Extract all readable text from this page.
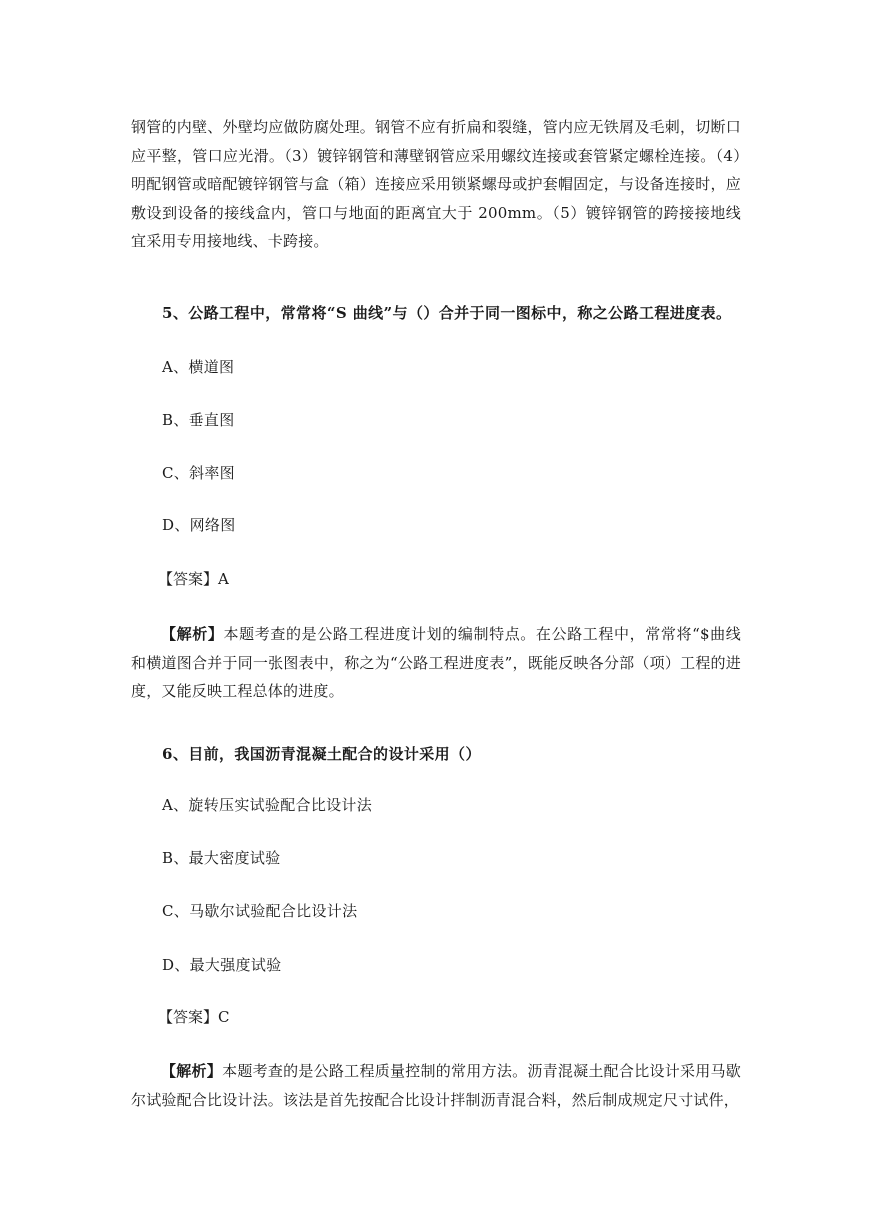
钢管的内壁、外壁均应做防腐处理。钢管不应有折扁和裂缝，管内应无铁屑及毛刺，切断口应平整，管口应光滑。（3）镀锌钢管和薄壁钢管应采用螺纹连接或套管紧定螺栓连接。（4）明配钢管或暗配镀锌钢管与盒（箱）连接应采用锁紧螺母或护套帽固定，与设备连接时，应敷设到设备的接线盒内，管口与地面的距离宜大于 200mm。（5）镀锌钢管的跨接接地线宜采用专用接地线、卡跨接。

5、公路工程中，常常将“S 曲线”与（）合并于同一图标中，称之公路工程进度表。

A、横道图

B、垂直图

C、斜率图

D、网络图

【答案】A

【解析】本题考查的是公路工程进度计划的编制特点。在公路工程中，常常将“$曲线和横道图合并于同一张图表中，称之为“公路工程进度表”，既能反映各分部（项）工程的进度，又能反映工程总体的进度。

6、目前，我国沥青混凝土配合的设计采用（）

A、旋转压实试验配合比设计法

B、最大密度试验

C、马歇尔试验配合比设计法

D、最大强度试验

【答案】C

【解析】本题考查的是公路工程质量控制的常用方法。沥青混凝土配合比设计采用马歇尔试验配合比设计法。该法是首先按配合比设计拌制沥青混合料，然后制成规定尺寸试件，
